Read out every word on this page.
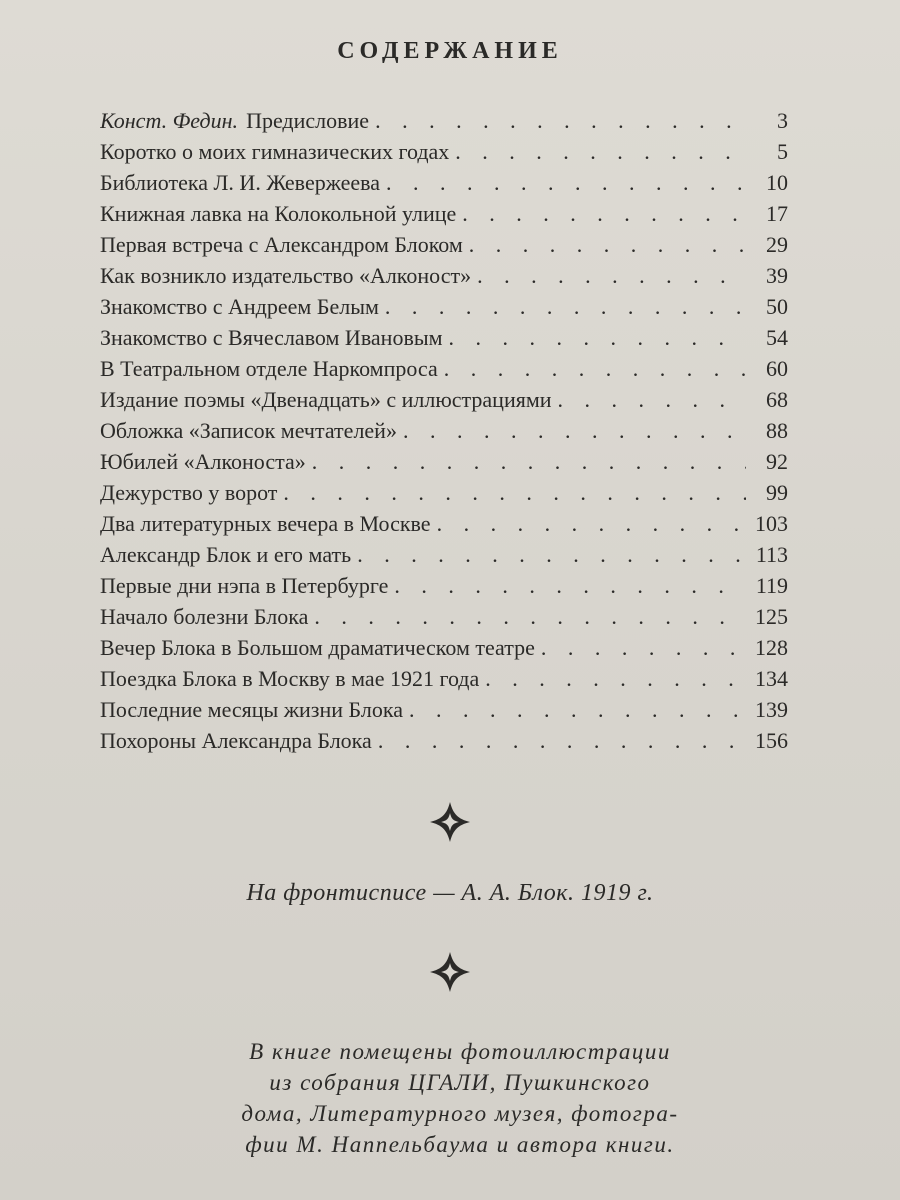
СОДЕРЖАНИЕ
Конст. Федин. Предисловие . . .	3
Коротко о моих гимназических годах . . .	5
Библиотека Л. И. Жевержеева . . .	10
Книжная лавка на Колокольной улице . . .	17
Первая встреча с Александром Блоком . . .	29
Как возникло издательство «Алконост» . . .	39
Знакомство с Андреем Белым . . .	50
Знакомство с Вячеславом Ивановым . . .	54
В Театральном отделе Наркомпроса . . .	60
Издание поэмы «Двенадцать» с иллюстрациями . . .	68
Обложка «Записок мечтателей» . . .	88
Юбилей «Алконоста» . . .	92
Дежурство у ворот . . .	99
Два литературных вечера в Москве . . .	103
Александр Блок и его мать . . .	113
Первые дни нэпа в Петербурге . . .	119
Начало болезни Блока . . .	125
Вечер Блока в Большом драматическом театре . . .	128
Поездка Блока в Москву в мае 1921 года . . .	134
Последние месяцы жизни Блока . . .	139
Похороны Александра Блока . . .	156
На фронтисписе — А. А. Блок. 1919 г.
В книге помещены фотоиллюстрации
из собрания ЦГАЛИ, Пушкинского
дома, Литературного музея, фотогра-
фии М. Наппельбаума и автора книги.
